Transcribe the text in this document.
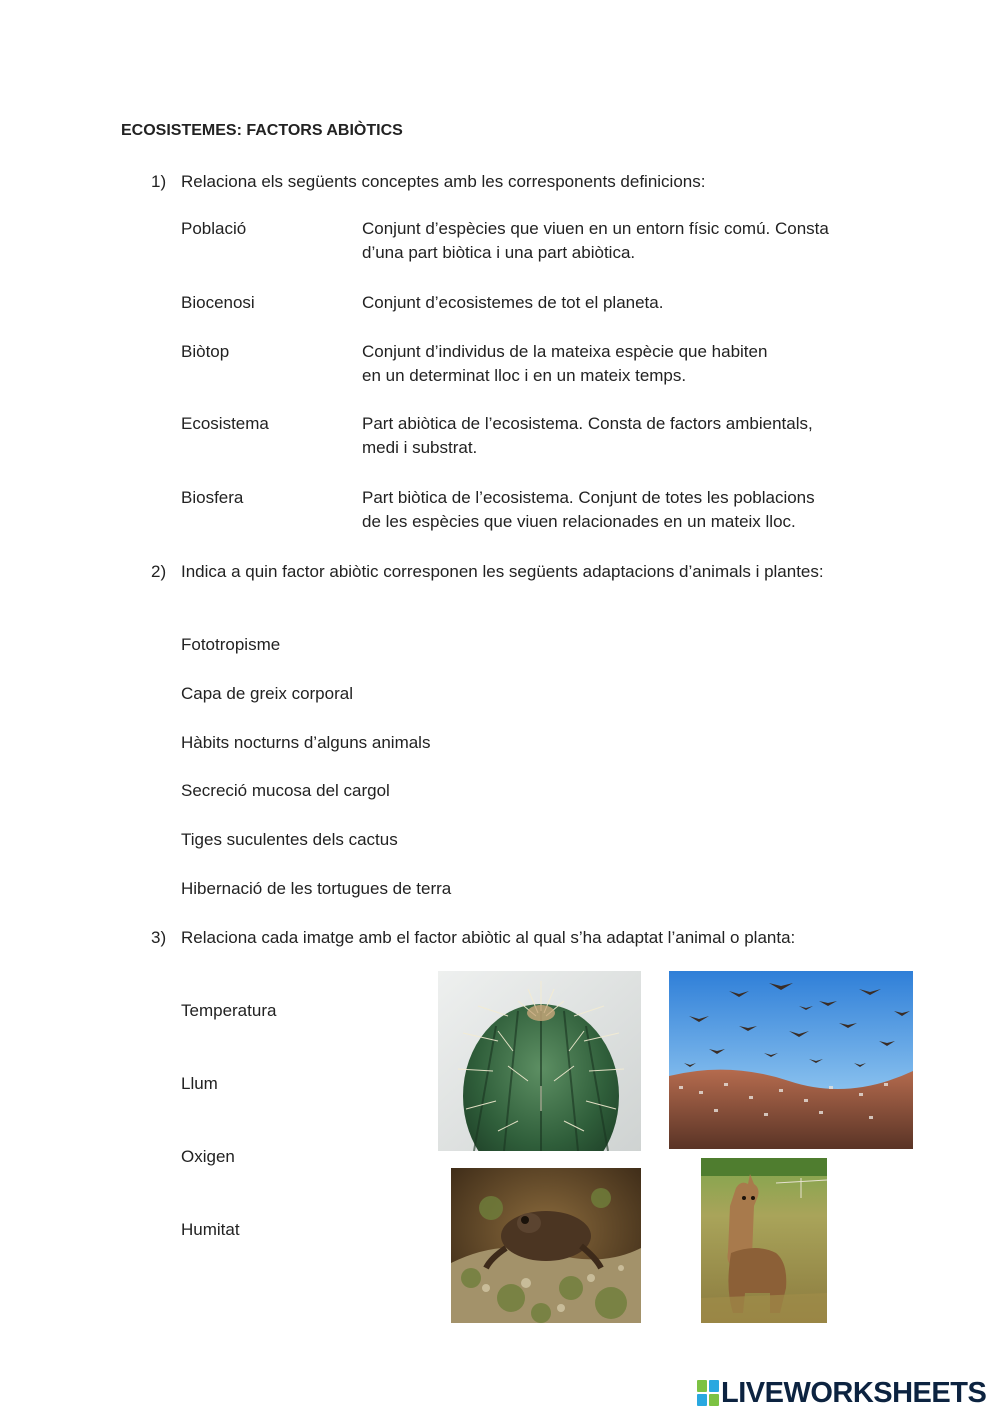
ECOSISTEMES: FACTORS ABIÒTICS
1) Relaciona els següents conceptes amb les corresponents definicions:
Població
Biocenosi
Biòtop
Ecosistema
Biosfera
Conjunt d’espècies que viuen en un entorn físic comú. Consta
d’una part biòtica i una part abiòtica.
Conjunt d’ecosistemes de tot el planeta.
Conjunt d’individus de la mateixa espècie que habiten
en un determinat lloc i en un mateix temps.
Part abiòtica de l’ecosistema. Consta de factors ambientals,
medi i substrat.
Part biòtica de l’ecosistema. Conjunt de totes les poblacions
de les espècies que viuen relacionades en un mateix lloc.
2) Indica a quin factor abiòtic corresponen les següents adaptacions d’animals i plantes:
Fototropisme
Capa de greix corporal
Hàbits nocturns d’alguns animals
Secreció mucosa del cargol
Tiges suculentes dels cactus
Hibernació de les tortugues de terra
3) Relaciona cada imatge amb el factor abiòtic al qual s’ha adaptat l’animal o planta:
Temperatura
Llum
Oxigen
Humitat
LIVEWORKSHEETS
